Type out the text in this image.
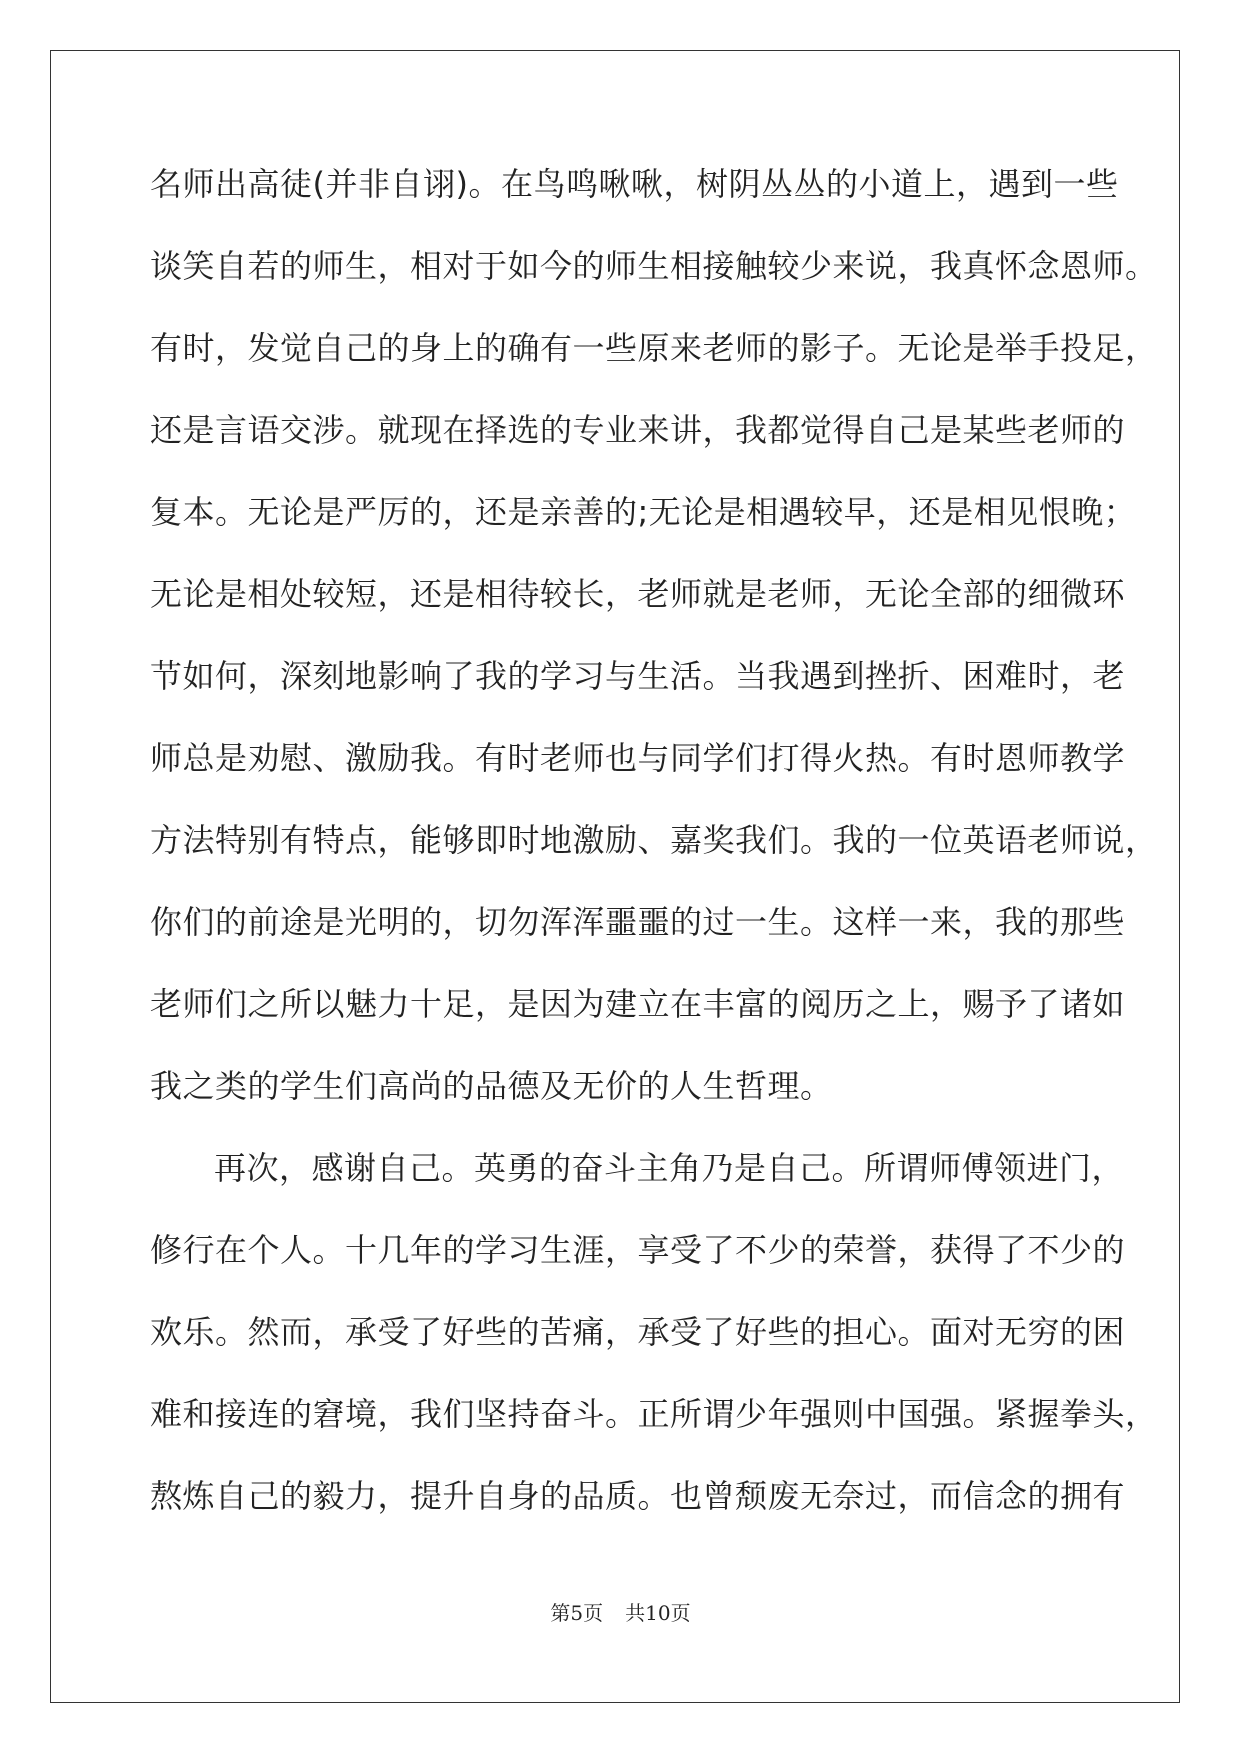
名师出高徒(并非自诩)。在鸟鸣啾啾，树阴丛丛的小道上，遇到一些
谈笑自若的师生，相对于如今的师生相接触较少来说，我真怀念恩师。
有时，发觉自己的身上的确有一些原来老师的影子。无论是举手投足，
还是言语交涉。就现在择选的专业来讲，我都觉得自己是某些老师的
复本。无论是严厉的，还是亲善的;无论是相遇较早，还是相见恨晚；
无论是相处较短，还是相待较长，老师就是老师，无论全部的细微环
节如何，深刻地影响了我的学习与生活。当我遇到挫折、困难时，老
师总是劝慰、激励我。有时老师也与同学们打得火热。有时恩师教学
方法特别有特点，能够即时地激励、嘉奖我们。我的一位英语老师说，
你们的前途是光明的，切勿浑浑噩噩的过一生。这样一来，我的那些
老师们之所以魅力十足，是因为建立在丰富的阅历之上，赐予了诸如
我之类的学生们高尚的品德及无价的人生哲理。
再次，感谢自己。英勇的奋斗主角乃是自己。所谓师傅领进门，
修行在个人。十几年的学习生涯，享受了不少的荣誉，获得了不少的
欢乐。然而，承受了好些的苦痛，承受了好些的担心。面对无穷的困
难和接连的窘境，我们坚持奋斗。正所谓少年强则中国强。紧握拳头，
熬炼自己的毅力，提升自身的品质。也曾颓废无奈过，而信念的拥有
第5页 共10页
